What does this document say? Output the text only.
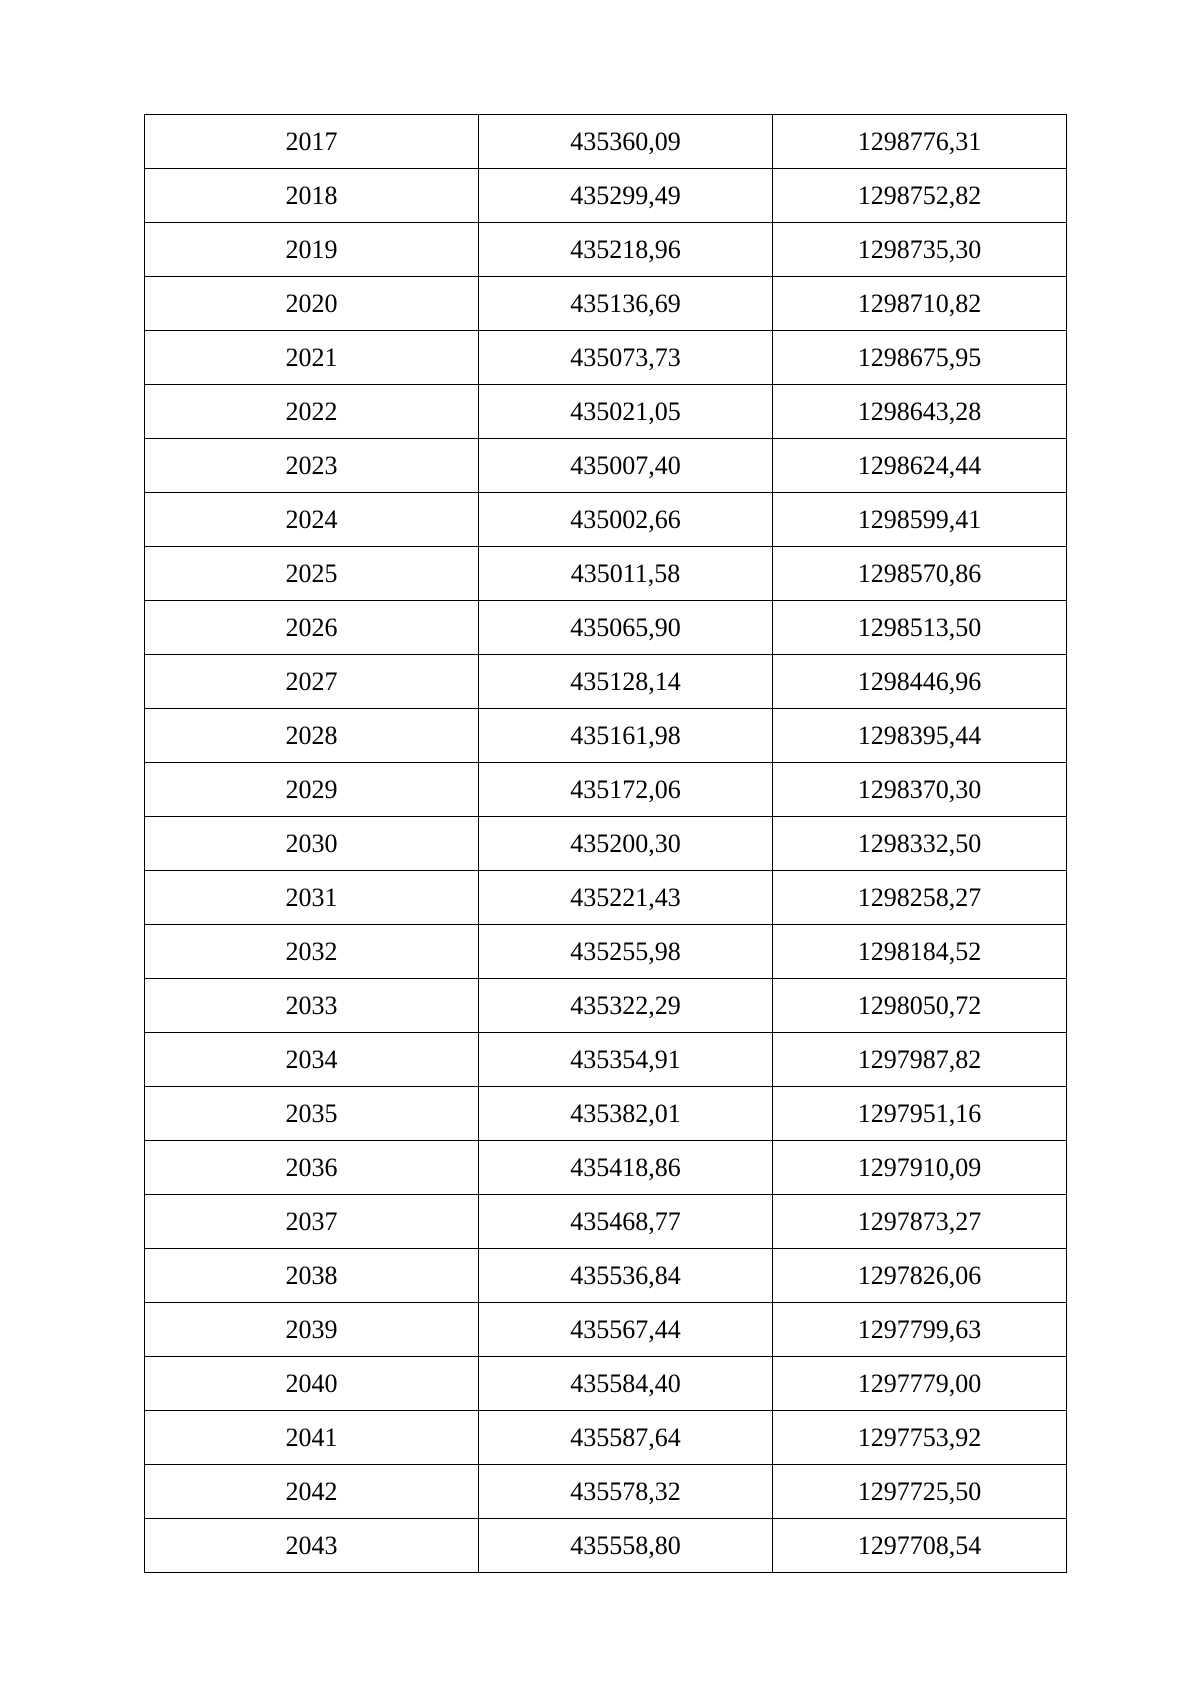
2017	435360,09	1298776,31
2018	435299,49	1298752,82
2019	435218,96	1298735,30
2020	435136,69	1298710,82
2021	435073,73	1298675,95
2022	435021,05	1298643,28
2023	435007,40	1298624,44
2024	435002,66	1298599,41
2025	435011,58	1298570,86
2026	435065,90	1298513,50
2027	435128,14	1298446,96
2028	435161,98	1298395,44
2029	435172,06	1298370,30
2030	435200,30	1298332,50
2031	435221,43	1298258,27
2032	435255,98	1298184,52
2033	435322,29	1298050,72
2034	435354,91	1297987,82
2035	435382,01	1297951,16
2036	435418,86	1297910,09
2037	435468,77	1297873,27
2038	435536,84	1297826,06
2039	435567,44	1297799,63
2040	435584,40	1297779,00
2041	435587,64	1297753,92
2042	435578,32	1297725,50
2043	435558,80	1297708,54
